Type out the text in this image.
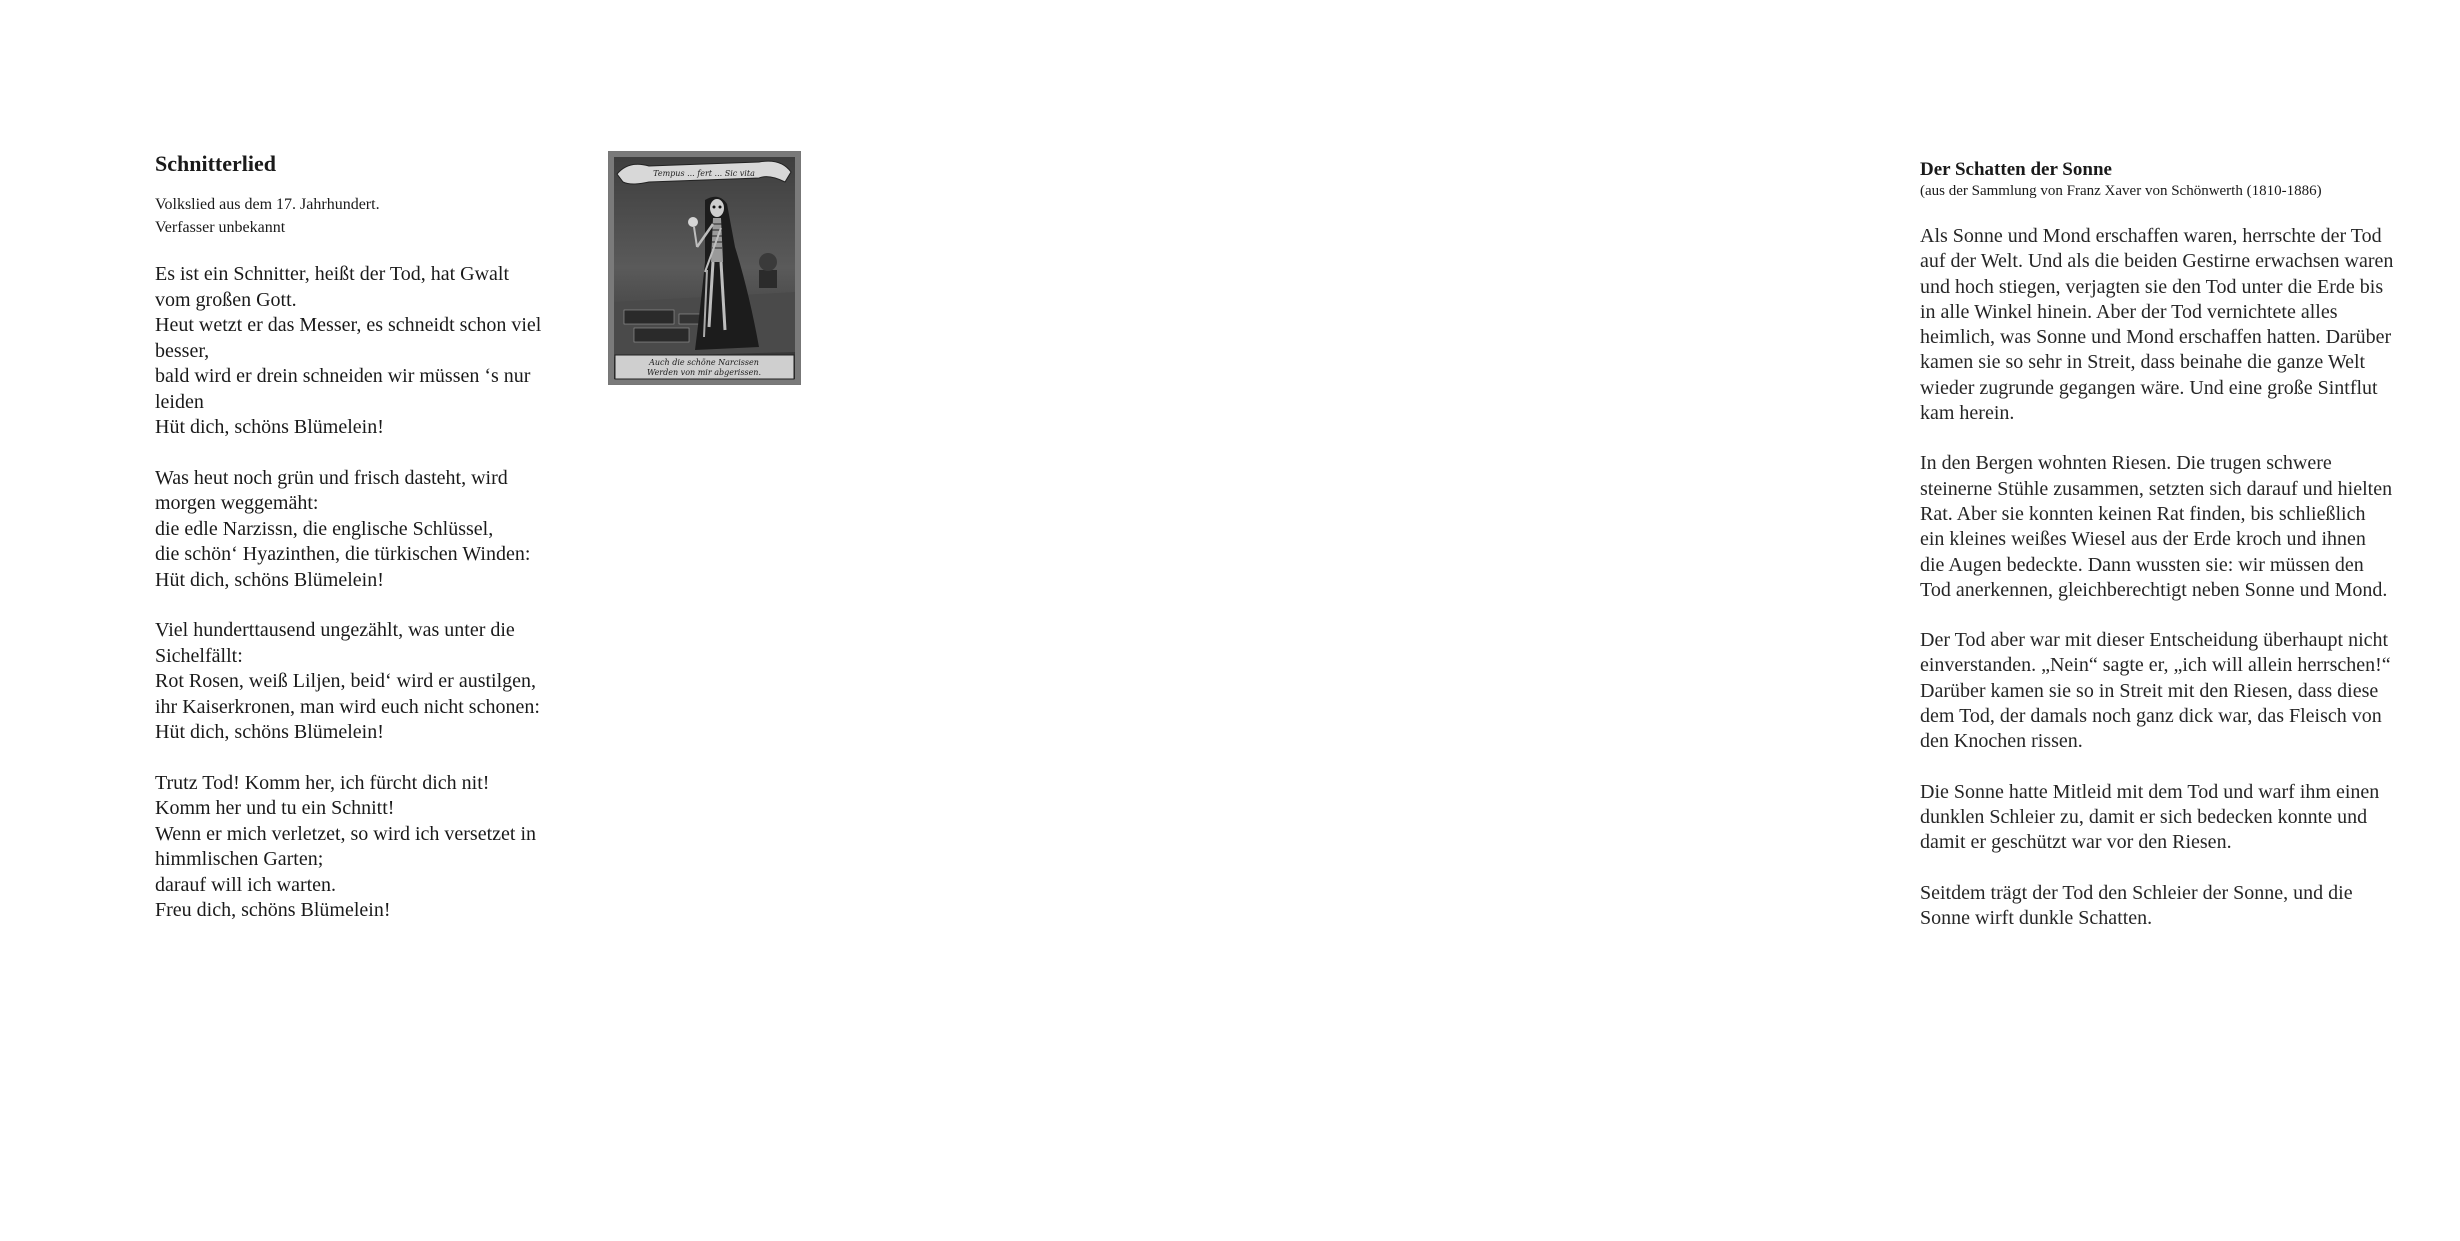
Schnitterlied

Volkslied aus dem 17. Jahrhundert.

Verfasser unbekannt

Es ist ein Schnitter, heißt der Tod, hat Gwalt
vom großen Gott.
Heut wetzt er das Messer, es schneidt schon viel
besser,
bald wird er drein schneiden wir müssen ‘s nur
leiden
Hüt dich, schöns Blümelein!

Was heut noch grün und frisch dasteht, wird
morgen weggemäht:
die edle Narzissn, die englische Schlüssel,
die schön‘ Hyazinthen, die türkischen Winden:
Hüt dich, schöns Blümelein!

Viel hunderttausend ungezählt, was unter die
Sichelfällt:
Rot Rosen, weiß Liljen, beid‘ wird er austilgen,
ihr Kaiserkronen, man wird euch nicht schonen:
Hüt dich, schöns Blümelein!

Trutz Tod! Komm her, ich fürcht dich nit!
Komm her und tu ein Schnitt!
Wenn er mich verletzet, so wird ich versetzet in
himmlischen Garten;
darauf will ich warten.
Freu dich, schöns Blümelein!

Tempus ... fert ... Sic vita
Auch die schöne Narcissen
Werden von mir abgerissen.
Der Schatten der Sonne

(aus der Sammlung von Franz Xaver von Schönwerth (1810-1886)

Als Sonne und Mond erschaffen waren, herrschte der Tod
auf der Welt. Und als die beiden Gestirne erwachsen waren
und hoch stiegen, verjagten sie den Tod unter die Erde bis
in alle Winkel hinein. Aber der Tod vernichtete alles
heimlich, was Sonne und Mond erschaffen hatten. Darüber
kamen sie so sehr in Streit, dass beinahe die ganze Welt
wieder zugrunde gegangen wäre. Und eine große Sintflut
kam herein.

In den Bergen wohnten Riesen. Die trugen schwere
steinerne Stühle zusammen, setzten sich darauf und hielten
Rat. Aber sie konnten keinen Rat finden, bis schließlich
ein kleines weißes Wiesel aus der Erde kroch und ihnen
die Augen bedeckte. Dann wussten sie: wir müssen den
Tod anerkennen, gleichberechtigt neben Sonne und Mond.

Der Tod aber war mit dieser Entscheidung überhaupt nicht
einverstanden. „Nein“ sagte er, „ich will allein herrschen!“
Darüber kamen sie so in Streit mit den Riesen, dass diese
dem Tod, der damals noch ganz dick war, das Fleisch von
den Knochen rissen.

Die Sonne hatte Mitleid mit dem Tod und warf ihm einen
dunklen Schleier zu, damit er sich bedecken konnte und
damit er geschützt war vor den Riesen.

Seitdem trägt der Tod den Schleier der Sonne, und die
Sonne wirft dunkle Schatten.
